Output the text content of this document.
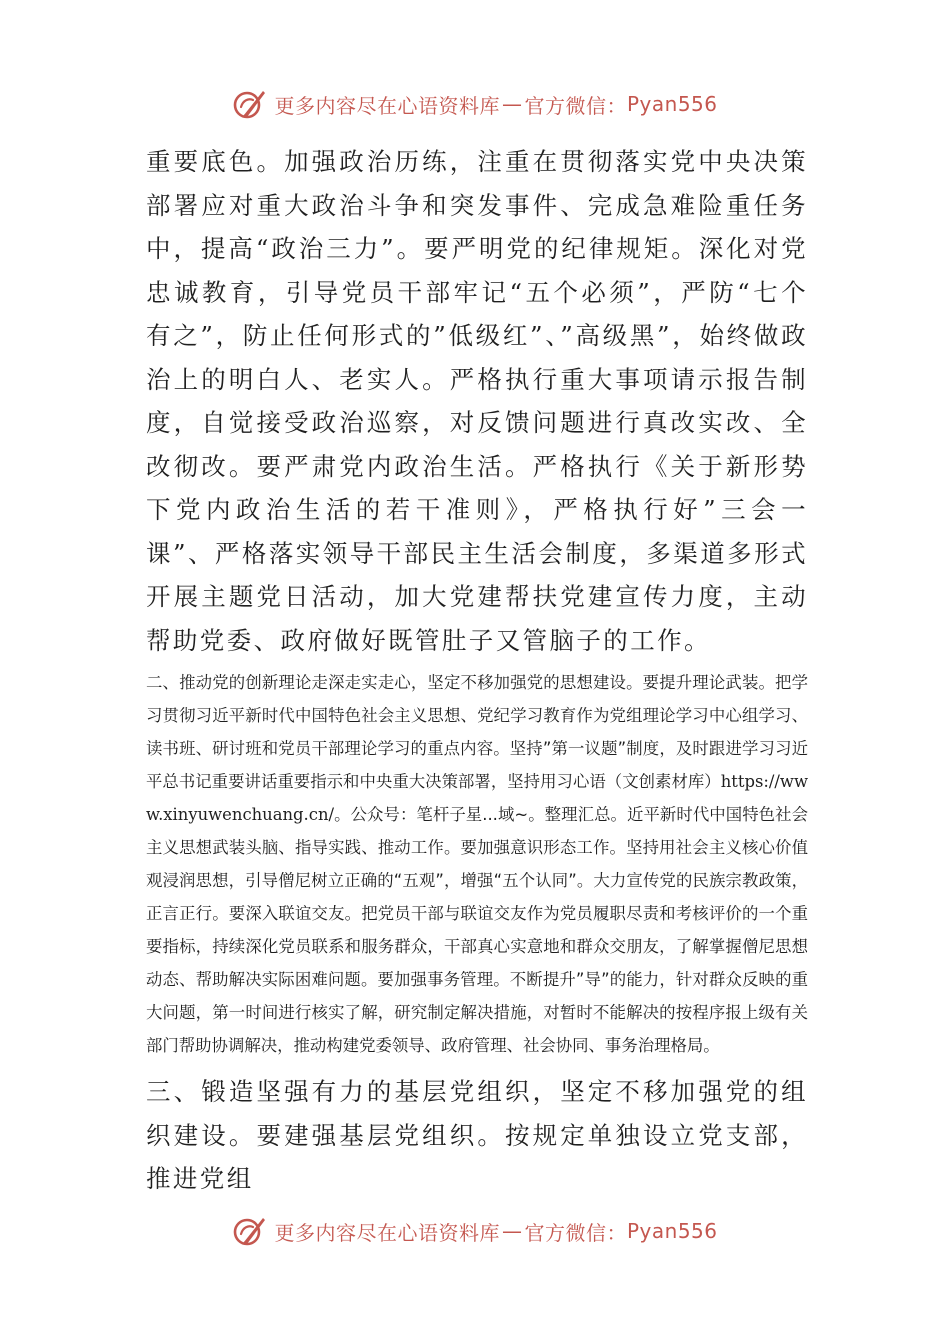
更多内容尽在心语资料库 — 官方微信： Pyan556

重要底色。加强政治历练，注重在贯彻落实党中央决策部署应对重大政治斗争和突发事件、完成急难险重任务中，提高“政治三力”。要严明党的纪律规矩。深化对党忠诚教育，引导党员干部牢记“五个必须”，严防“七个有之”，防止任何形式的”低级红”、”高级黑”，始终做政治上的明白人、老实人。严格执行重大事项请示报告制度，自觉接受政治巡察，对反馈问题进行真改实改、全改彻改。要严肃党内政治生活。严格执行《关于新形势下党内政治生活的若干准则》，严格执行好”三会一课”、严格落实领导干部民主生活会制度，多渠道多形式开展主题党日活动，加大党建帮扶党建宣传力度，主动帮助党委、政府做好既管肚子又管脑子的工作。

二、推动党的创新理论走深走实走心，坚定不移加强党的思想建设。要提升理论武装。把学习贯彻习近平新时代中国特色社会主义思想、党纪学习教育作为党组理论学习中心组学习、读书班、研讨班和党员干部理论学习的重点内容。坚持”第一议题”制度，及时跟进学习习近平总书记重要讲话重要指示和中央重大决策部署，坚持用习心语（文创素材库）https://www.xinyuwenchuang.cn/。公众号：笔杆子星...域~。整理汇总。近平新时代中国特色社会主义思想武装头脑、指导实践、推动工作。要加强意识形态工作。坚持用社会主义核心价值观浸润思想，引导僧尼树立正确的“五观”，增强“五个认同”。大力宣传党的民族宗教政策，正言正行。要深入联谊交友。把党员干部与联谊交友作为党员履职尽责和考核评价的一个重要指标，持续深化党员联系和服务群众，干部真心实意地和群众交朋友，了解掌握僧尼思想动态、帮助解决实际困难问题。要加强事务管理。不断提升”导”的能力，针对群众反映的重大问题，第一时间进行核实了解，研究制定解决措施，对暂时不能解决的按程序报上级有关部门帮助协调解决，推动构建党委领导、政府管理、社会协同、事务治理格局。

三、锻造坚强有力的基层党组织，坚定不移加强党的组织建设。要建强基层党组织。按规定单独设立党支部，推进党组

更多内容尽在心语资料库 — 官方微信： Pyan556
